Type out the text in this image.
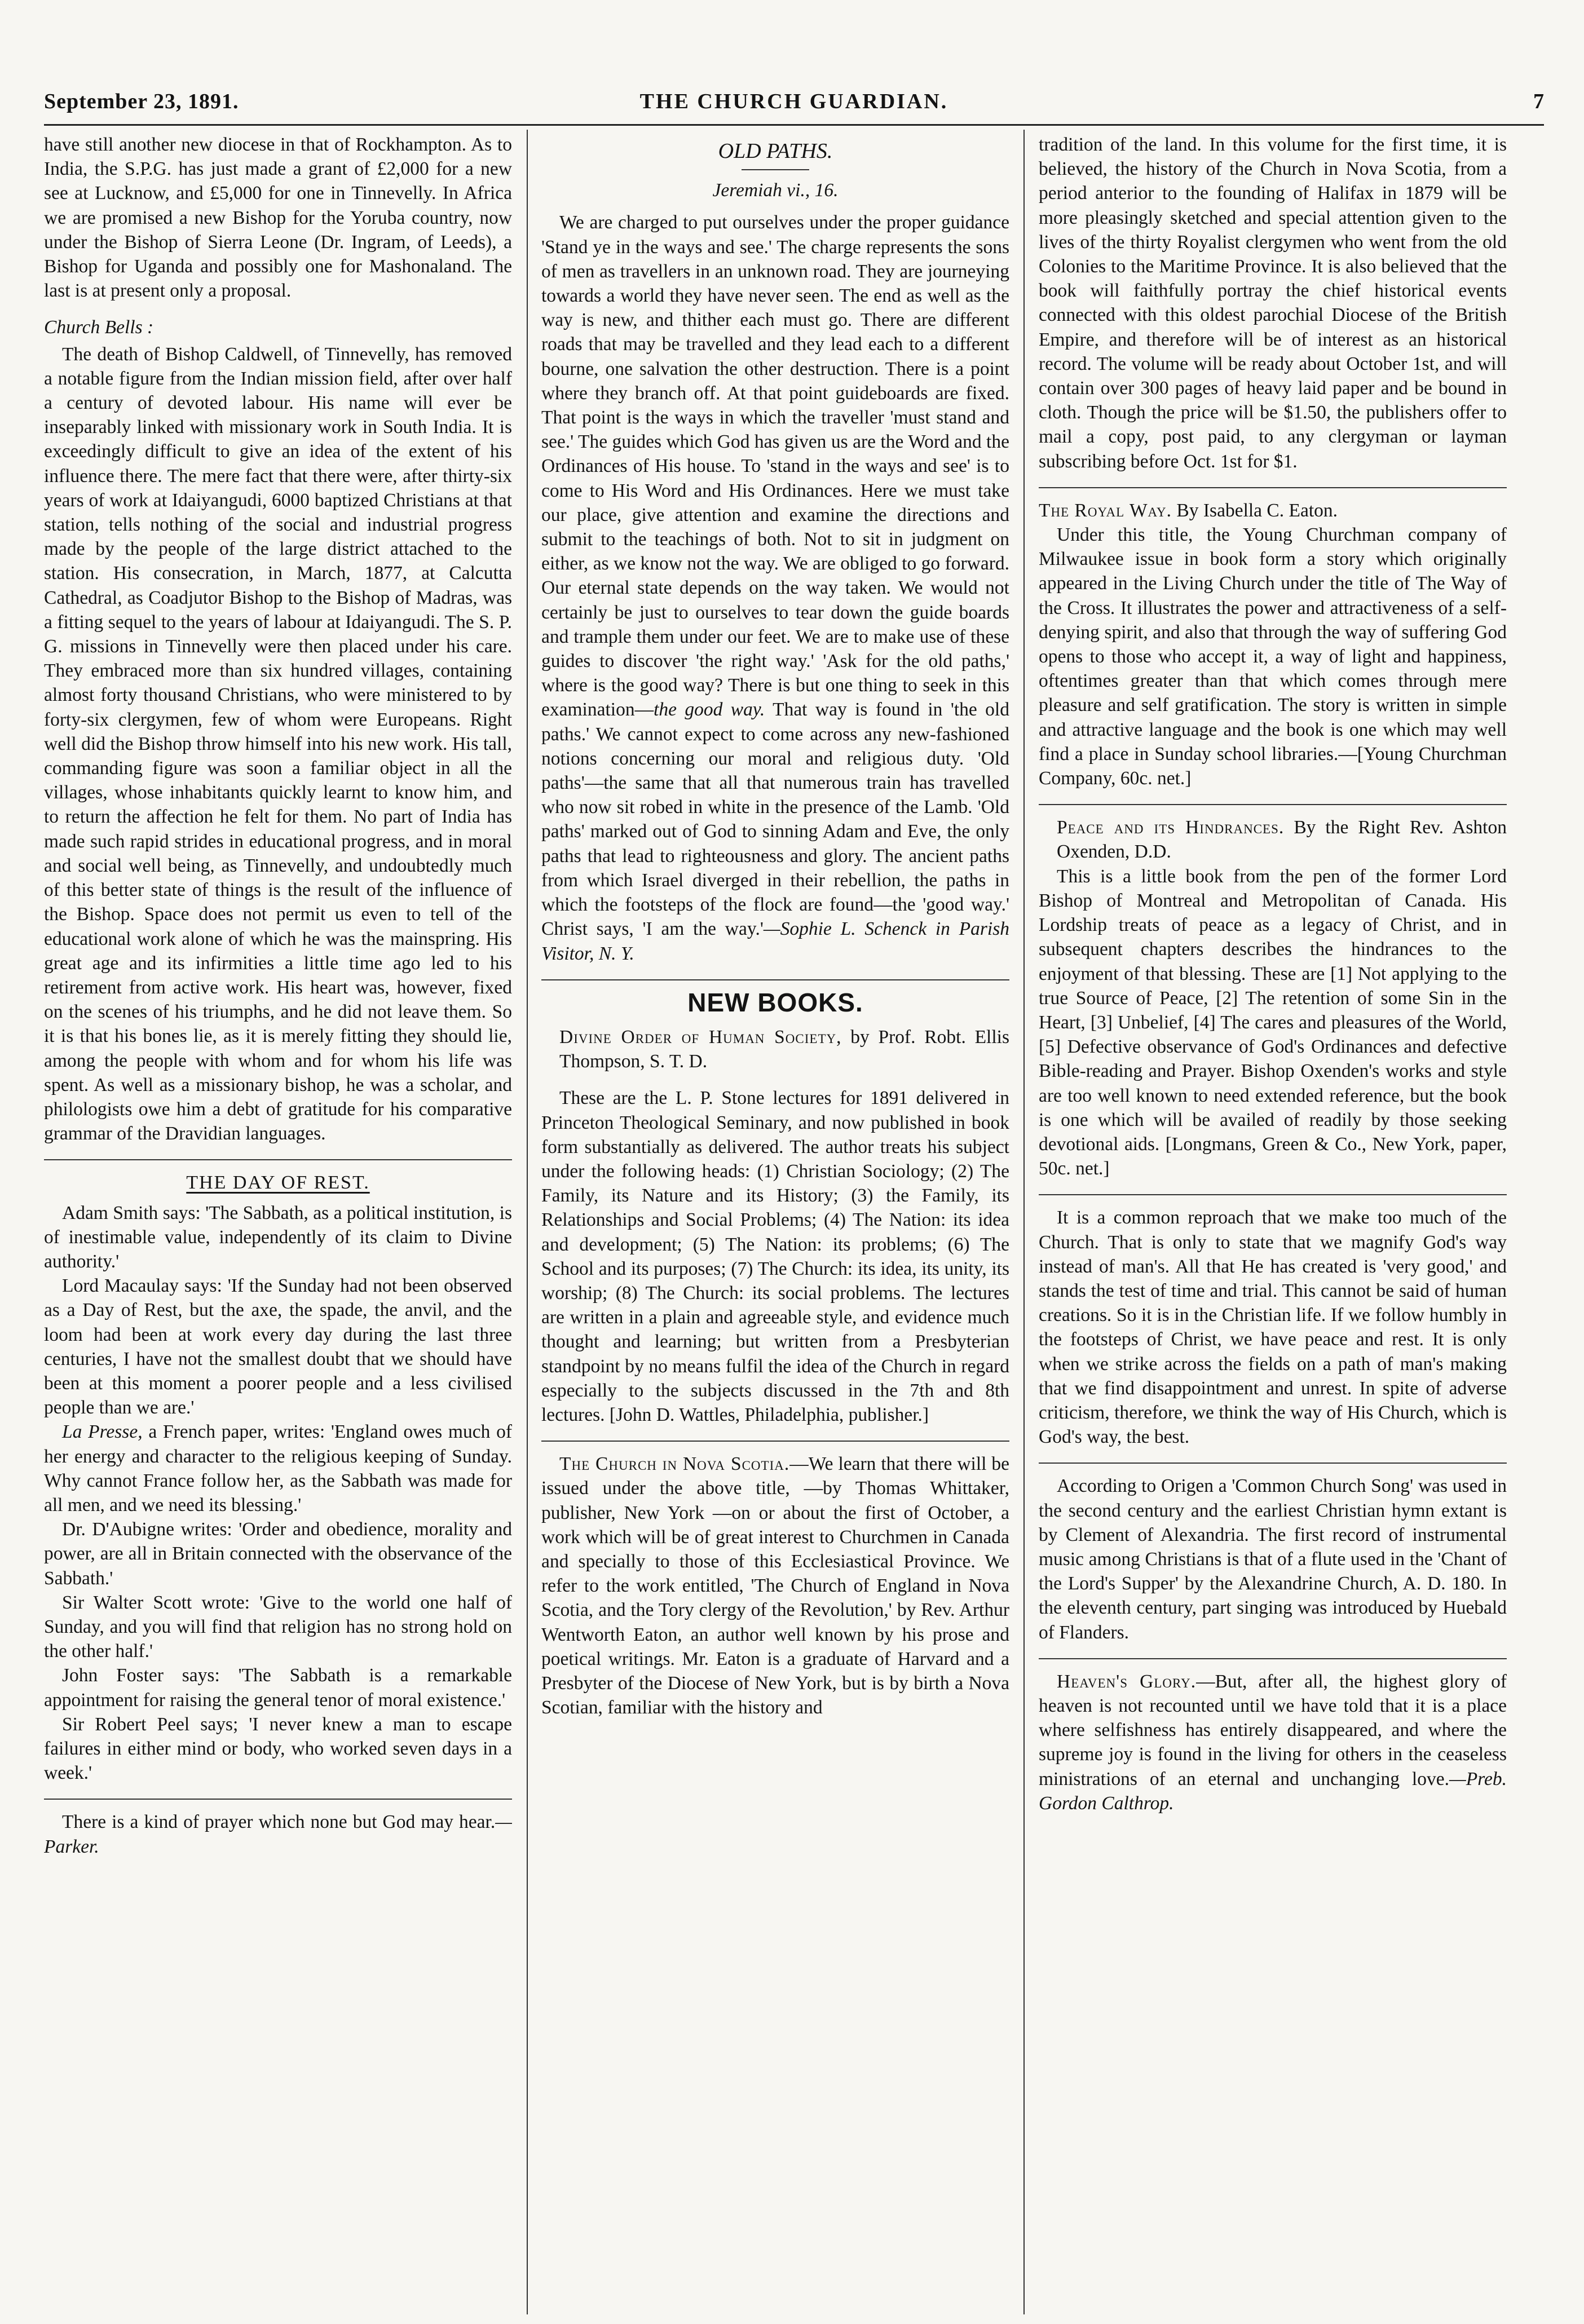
September 23, 1891.	THE CHURCH GUARDIAN.	7

have still another new diocese in that of Rockhampton. As to India, the S.P.G. has just made a grant of £2,000 for a new see at Lucknow, and £5,000 for one in Tinnevelly. In Africa we are promised a new Bishop for the Yoruba country, now under the Bishop of Sierra Leone (Dr. Ingram, of Leeds), a Bishop for Uganda and possibly one for Mashonaland. The last is at present only a proposal.

Church Bells :

The death of Bishop Caldwell, of Tinnevelly, has removed a notable figure from the Indian mission field, after over half a century of devoted labour. His name will ever be inseparably linked with missionary work in South India. It is exceedingly difficult to give an idea of the extent of his influence there. The mere fact that there were, after thirty-six years of work at Idaiyangudi, 6000 baptized Christians at that station, tells nothing of the social and industrial progress made by the people of the large district attached to the station. His consecration, in March, 1877, at Calcutta Cathedral, as Coadjutor Bishop to the Bishop of Madras, was a fitting sequel to the years of labour at Idaiyangudi. The S. P. G. missions in Tinnevelly were then placed under his care. They embraced more than six hundred villages, containing almost forty thousand Christians, who were ministered to by forty-six clergymen, few of whom were Europeans. Right well did the Bishop throw himself into his new work. His tall, commanding figure was soon a familiar object in all the villages, whose inhabitants quickly learnt to know him, and to return the affection he felt for them. No part of India has made such rapid strides in educational progress, and in moral and social well being, as Tinnevelly, and undoubtedly much of this better state of things is the result of the influence of the Bishop. Space does not permit us even to tell of the educational work alone of which he was the mainspring. His great age and its infirmities a little time ago led to his retirement from active work. His heart was, however, fixed on the scenes of his triumphs, and he did not leave them. So it is that his bones lie, as it is merely fitting they should lie, among the people with whom and for whom his life was spent. As well as a missionary bishop, he was a scholar, and philologists owe him a debt of gratitude for his comparative grammar of the Dravidian languages.

THE DAY OF REST.

Adam Smith says: 'The Sabbath, as a political institution, is of inestimable value, independently of its claim to Divine authority.'

Lord Macaulay says: 'If the Sunday had not been observed as a Day of Rest, but the axe, the spade, the anvil, and the loom had been at work every day during the last three centuries, I have not the smallest doubt that we should have been at this moment a poorer people and a less civilised people than we are.'

La Presse, a French paper, writes: 'England owes much of her energy and character to the religious keeping of Sunday. Why cannot France follow her, as the Sabbath was made for all men, and we need its blessing.'

Dr. D'Aubigne writes: 'Order and obedience, morality and power, are all in Britain connected with the observance of the Sabbath.'

Sir Walter Scott wrote: 'Give to the world one half of Sunday, and you will find that religion has no strong hold on the other half.'

John Foster says: 'The Sabbath is a remarkable appointment for raising the general tenor of moral existence.'

Sir Robert Peel says; 'I never knew a man to escape failures in either mind or body, who worked seven days in a week.'

There is a kind of prayer which none but God may hear.—Parker.

OLD PATHS.
Jeremiah vi., 16.

We are charged to put ourselves under the proper guidance 'Stand ye in the ways and see.' The charge represents the sons of men as travellers in an unknown road. They are journeying towards a world they have never seen. The end as well as the way is new, and thither each must go. There are different roads that may be travelled and they lead each to a different bourne, one salvation the other destruction. There is a point where they branch off. At that point guideboards are fixed. That point is the ways in which the traveller 'must stand and see.' The guides which God has given us are the Word and the Ordinances of His house. To 'stand in the ways and see' is to come to His Word and His Ordinances. Here we must take our place, give attention and examine the directions and submit to the teachings of both. Not to sit in judgment on either, as we know not the way. We are obliged to go forward. Our eternal state depends on the way taken. We would not certainly be just to ourselves to tear down the guide boards and trample them under our feet. We are to make use of these guides to discover 'the right way.' 'Ask for the old paths,' where is the good way? There is but one thing to seek in this examination—the good way. That way is found in 'the old paths.' We cannot expect to come across any new-fashioned notions concerning our moral and religious duty. 'Old paths'—the same that all that numerous train has travelled who now sit robed in white in the presence of the Lamb. 'Old paths' marked out of God to sinning Adam and Eve, the only paths that lead to righteousness and glory. The ancient paths from which Israel diverged in their rebellion, the paths in which the footsteps of the flock are found—the 'good way.' Christ says, 'I am the way.'—Sophie L. Schenck in Parish Visitor, N. Y.

NEW BOOKS.

Divine Order of Human Society, by Prof. Robt. Ellis Thompson, S. T. D.

These are the L. P. Stone lectures for 1891 delivered in Princeton Theological Seminary, and now published in book form substantially as delivered. The author treats his subject under the following heads: (1) Christian Sociology; (2) The Family, its Nature and its History; (3) the Family, its Relationships and Social Problems; (4) The Nation: its idea and development; (5) The Nation: its problems; (6) The School and its purposes; (7) The Church: its idea, its unity, its worship; (8) The Church: its social problems. The lectures are written in a plain and agreeable style, and evidence much thought and learning; but written from a Presbyterian standpoint by no means fulfil the idea of the Church in regard especially to the subjects discussed in the 7th and 8th lectures. [John D. Wattles, Philadelphia, publisher.]

The Church in Nova Scotia.—We learn that there will be issued under the above title, —by Thomas Whittaker, publisher, New York —on or about the first of October, a work which will be of great interest to Churchmen in Canada and specially to those of this Ecclesiastical Province. We refer to the work entitled, 'The Church of England in Nova Scotia, and the Tory clergy of the Revolution,' by Rev. Arthur Wentworth Eaton, an author well known by his prose and poetical writings. Mr. Eaton is a graduate of Harvard and a Presbyter of the Diocese of New York, but is by birth a Nova Scotian, familiar with the history and

tradition of the land. In this volume for the first time, it is believed, the history of the Church in Nova Scotia, from a period anterior to the founding of Halifax in 1879 will be more pleasingly sketched and special attention given to the lives of the thirty Royalist clergymen who went from the old Colonies to the Maritime Province. It is also believed that the book will faithfully portray the chief historical events connected with this oldest parochial Diocese of the British Empire, and therefore will be of interest as an historical record. The volume will be ready about October 1st, and will contain over 300 pages of heavy laid paper and be bound in cloth. Though the price will be $1.50, the publishers offer to mail a copy, post paid, to any clergyman or layman subscribing before Oct. 1st for $1.

The Royal Way. By Isabella C. Eaton.

Under this title, the Young Churchman company of Milwaukee issue in book form a story which originally appeared in the Living Church under the title of The Way of the Cross. It illustrates the power and attractiveness of a self-denying spirit, and also that through the way of suffering God opens to those who accept it, a way of light and happiness, oftentimes greater than that which comes through mere pleasure and self gratification. The story is written in simple and attractive language and the book is one which may well find a place in Sunday school libraries.—[Young Churchman Company, 60c. net.]

Peace and its Hindrances. By the Right Rev. Ashton Oxenden, D.D.

This is a little book from the pen of the former Lord Bishop of Montreal and Metropolitan of Canada. His Lordship treats of peace as a legacy of Christ, and in subsequent chapters describes the hindrances to the enjoyment of that blessing. These are [1] Not applying to the true Source of Peace, [2] The retention of some Sin in the Heart, [3] Unbelief, [4] The cares and pleasures of the World, [5] Defective observance of God's Ordinances and defective Bible-reading and Prayer. Bishop Oxenden's works and style are too well known to need extended reference, but the book is one which will be availed of readily by those seeking devotional aids. [Longmans, Green & Co., New York, paper, 50c. net.]

It is a common reproach that we make too much of the Church. That is only to state that we magnify God's way instead of man's. All that He has created is 'very good,' and stands the test of time and trial. This cannot be said of human creations. So it is in the Christian life. If we follow humbly in the footsteps of Christ, we have peace and rest. It is only when we strike across the fields on a path of man's making that we find disappointment and unrest. In spite of adverse criticism, therefore, we think the way of His Church, which is God's way, the best.

According to Origen a 'Common Church Song' was used in the second century and the earliest Christian hymn extant is by Clement of Alexandria. The first record of instrumental music among Christians is that of a flute used in the 'Chant of the Lord's Supper' by the Alexandrine Church, A. D. 180. In the eleventh century, part singing was introduced by Huebald of Flanders.

Heaven's Glory.—But, after all, the highest glory of heaven is not recounted until we have told that it is a place where selfishness has entirely disappeared, and where the supreme joy is found in the living for others in the ceaseless ministrations of an eternal and unchanging love.—Preb. Gordon Calthrop.
